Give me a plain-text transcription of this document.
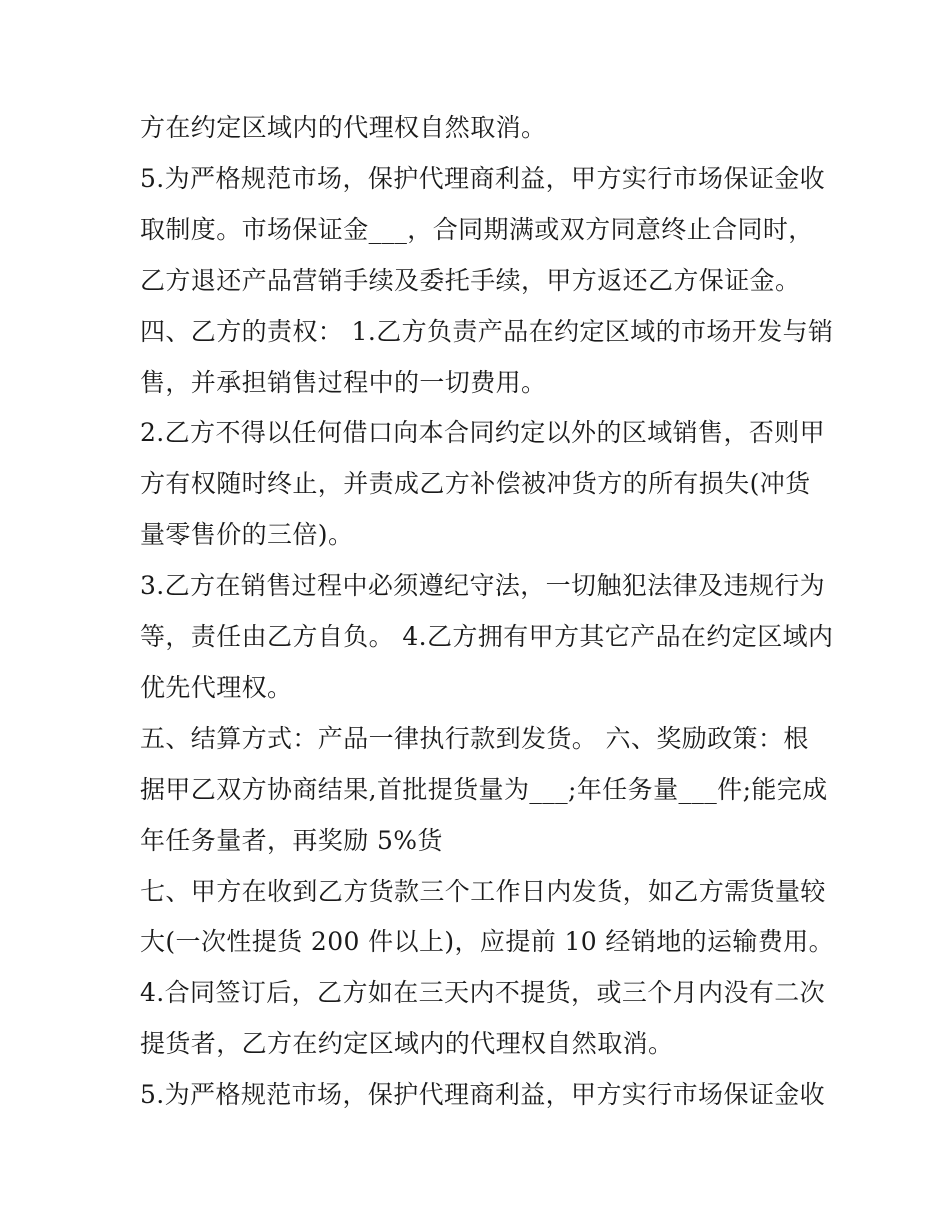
方在约定区域内的代理权自然取消。
5.为严格规范市场，保护代理商利益，甲方实行市场保证金收
取制度。市场保证金___，合同期满或双方同意终止合同时，
乙方退还产品营销手续及委托手续，甲方返还乙方保证金。
四、乙方的责权： 1.乙方负责产品在约定区域的市场开发与销
售，并承担销售过程中的一切费用。
2.乙方不得以任何借口向本合同约定以外的区域销售，否则甲
方有权随时终止，并责成乙方补偿被冲货方的所有损失(冲货
量零售价的三倍)。
3.乙方在销售过程中必须遵纪守法，一切触犯法律及违规行为
等，责任由乙方自负。 4.乙方拥有甲方其它产品在约定区域内
优先代理权。
五、结算方式：产品一律执行款到发货。 六、奖励政策：根
据甲乙双方协商结果,首批提货量为___;年任务量___件;能完成
年任务量者，再奖励 5%货
七、甲方在收到乙方货款三个工作日内发货，如乙方需货量较
大(一次性提货 200 件以上)，应提前 10 经销地的运输费用。
4.合同签订后，乙方如在三天内不提货，或三个月内没有二次
提货者，乙方在约定区域内的代理权自然取消。
5.为严格规范市场，保护代理商利益，甲方实行市场保证金收
